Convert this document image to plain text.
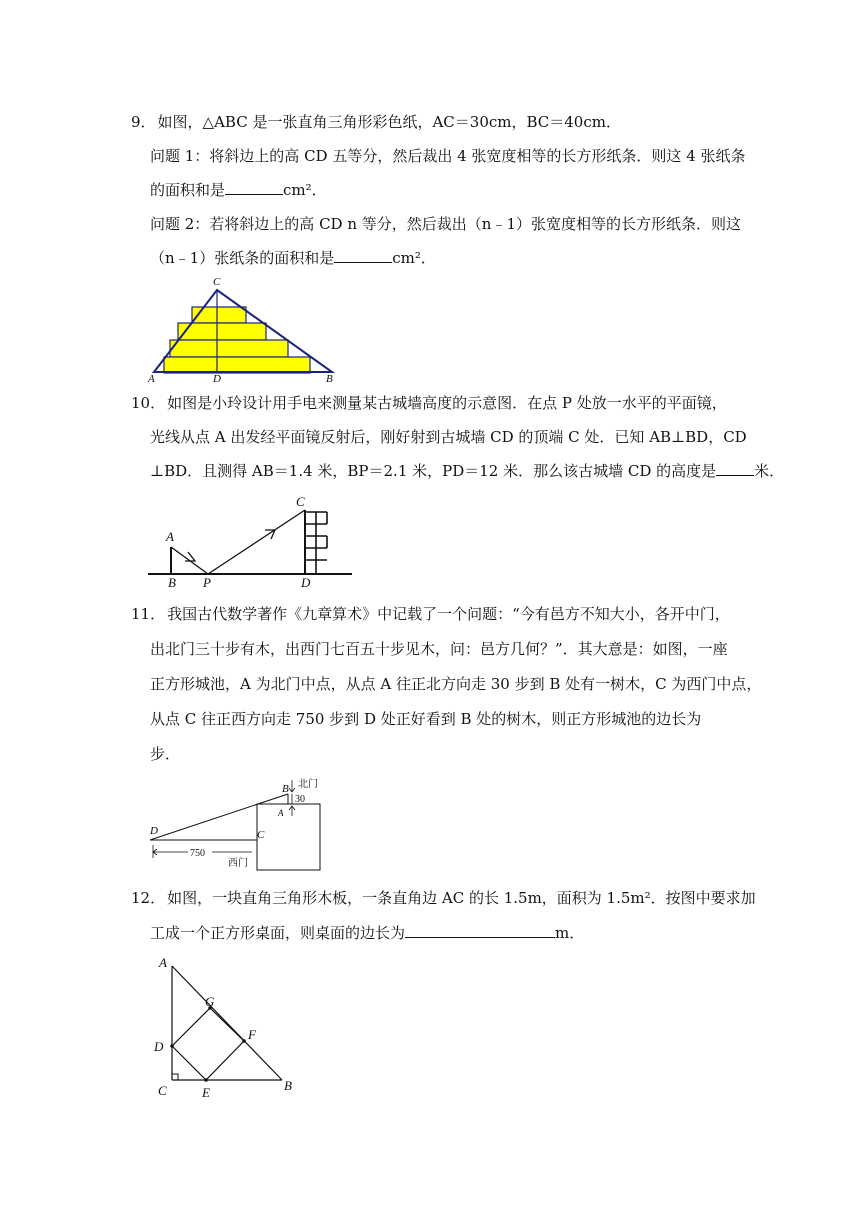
9． 如图，△ABC 是一张直角三角形彩色纸，AC＝30cm，BC＝40cm．
问题 1：将斜边上的高 CD 五等分，然后裁出 4 张宽度相等的长方形纸条．则这 4 张纸条
的面积和是	cm²．
问题 2：若将斜边上的高 CD n 等分，然后裁出（n﹣1）张宽度相等的长方形纸条．则这
（n﹣1）张纸条的面积和是	cm²．
C
A	D	B
10． 如图是小玲设计用手电来测量某古城墙高度的示意图．在点 P 处放一水平的平面镜，
光线从点 A 出发经平面镜反射后，刚好射到古城墙 CD 的顶端 C 处．已知 AB⊥BD，CD
⊥BD．且测得 AB＝1.4 米，BP＝2.1 米，PD＝12 米．那么该古城墙 CD 的高度是	米．
A
B P
C
D
11． 我国古代数学著作《九章算术》中记载了一个问题：“今有邑方不知大小，各开中门，
出北门三十步有木，出西门七百五十步见木，问：邑方几何？”．其大意是：如图，一座
正方形城池，A 为北门中点，从点 A 往正北方向走 30 步到 B 处有一树木，C 为西门中点，
从点 C 往正西方向走 750 步到 D 处正好看到 B 处的树木，则正方形城池的边长为
步．
D	C
B
A
30
北门
750
西门
12． 如图，一块直角三角形木板，一条直角边 AC 的长 1.5m，面积为 1.5m²．按图中要求加
工成一个正方形桌面，则桌面的边长为	m．
A
G
F
D
C	E	B
